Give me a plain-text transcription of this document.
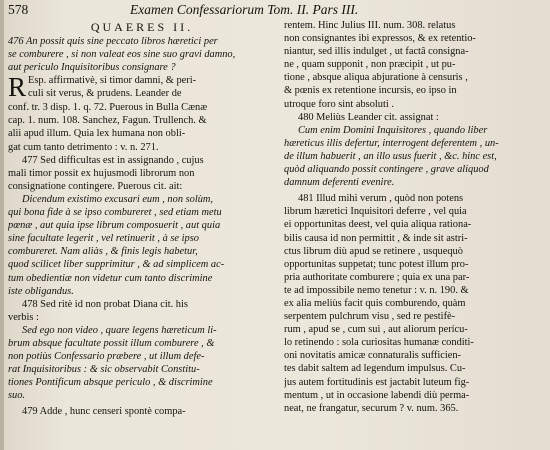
578	Examen Confessariorum Tom. II. Pars III.
QUAERES II.
476 An possit quis sine peccato libros hæretici per
se comburere , si non valeat eos sine suo gravi damno,
aut periculo Inquisitoribus consignare ?
R Esp. affirmativè, si timor damni, & peri-
culi sit verus, & prudens. Leander de
conf. tr. 3 disp. 1. q. 72. Puerous in Bulla Cænæ
cap. 1. num. 108. Sanchez, Fagun. Trullench. &
alii apud illum. Quia lex humana non obli-
gat cum tanto detrimento : v. n. 271.
477 Sed difficultas est in assignando , cujus
mali timor possit ex hujusmodi librorum non
consignatione contingere. Puerous cit. ait:
Dicendum existimo excusari eum , non solùm,
qui bona fide à se ipso combureret , sed etiam metu
pœnæ , aut quia ipse librum composuerit , aut quia
sine facultate legerit , vel retinuerit , à se ipso
combureret. Nam aliàs , & finis legis habetur,
quod scilicet liber supprimitur , & ad simplicem ac-
tum obedientiæ non videtur cum tanto discrimine
iste obligandus.
478 Sed ritè id non probat Diana cit. his
verbis :
Sed ego non video , quare legens hæreticum li-
brum absque facultate possit illum comburere , &
non potiùs Confessario præbere , ut illum defe-
rat Inquisitoribus : & sic observabit Constitu-
tiones Pontificum absque periculo , & discrimine
suo.
479 Adde , hunc censeri spontè compa-
rentem. Hinc Julius III. num. 308. relatus
non consignantes ibi expressos, & ex retentio-
niantur, sed illis indulget , ut factâ consigna-
ne , quam supponit , non præcipit , ut pu-
tione , absque aliqua abjuratione à censuris ,
& pœnis ex retentione incursis, eo ipso in
utroque foro sint absoluti .
480 Meliùs Leander cit. assignat :
Cum enim Domini Inquisitores , quando liber
hæreticus illis defertur, interrogent deferentem , un-
de illum habuerit , an illo usus fuerit , &c. hinc est,
quòd aliquando possit contingere , grave aliquod
damnum deferenti evenire.
481 Illud mihi verum , quòd non potens
librum hæretici Inquisitori deferre , vel quia
ei opportunitas deest, vel quia aliqua rationa-
bilis causa id non permittit , & inde sit astri-
ctus librum diù apud se retinere , usquequò
opportunitas suppetat; tunc potest illum pro-
pria authoritate comburere ; quia ex una par-
te ad impossibile nemo tenetur : v. n. 190. &
ex alia meliùs facit quis comburendo, quàm
serpentem pulchrum visu , sed re pestifè-
rum , apud se , cum sui , aut aliorum perícu-
lo retinendo : sola curiositas humanæ conditi-
oni novitatis amicæ connaturalis sufficien-
tes dabit saltem ad legendum impulsus. Cu-
jus autem fortitudinis est jactabit luteum fig-
mentum , ut in occasione labendi diù perma-
neat, ne frangatur, securum ? v. num. 365.
